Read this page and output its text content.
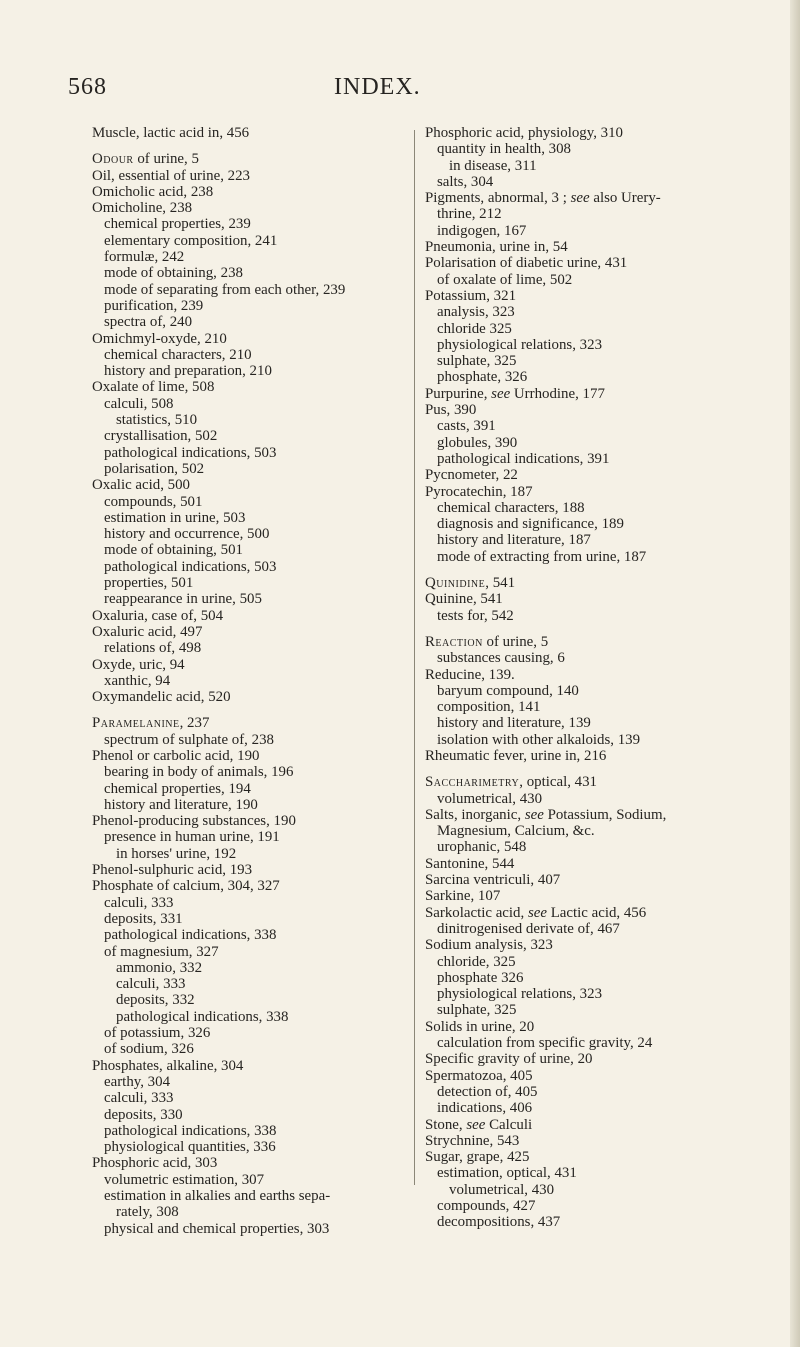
568	INDEX.
Muscle, lactic acid in, 456
Odour of urine, 5
Oil, essential of urine, 223
Omicholic acid, 238
Omicholine, 238
chemical properties, 239
elementary composition, 241
formulæ, 242
mode of obtaining, 238
mode of separating from each other, 239
purification, 239
spectra of, 240
Omichmyl-oxyde, 210
chemical characters, 210
history and preparation, 210
Oxalate of lime, 508
calculi, 508
statistics, 510
crystallisation, 502
pathological indications, 503
polarisation, 502
Oxalic acid, 500
compounds, 501
estimation in urine, 503
history and occurrence, 500
mode of obtaining, 501
pathological indications, 503
properties, 501
reappearance in urine, 505
Oxaluria, case of, 504
Oxaluric acid, 497
relations of, 498
Oxyde, uric, 94
xanthic, 94
Oxymandelic acid, 520
Paramelanine, 237
spectrum of sulphate of, 238
Phenol or carbolic acid, 190
bearing in body of animals, 196
chemical properties, 194
history and literature, 190
Phenol-producing substances, 190
presence in human urine, 191
in horses' urine, 192
Phenol-sulphuric acid, 193
Phosphate of calcium, 304, 327
calculi, 333
deposits, 331
pathological indications, 338
of magnesium, 327
ammonio, 332
calculi, 333
deposits, 332
pathological indications, 338
of potassium, 326
of sodium, 326
Phosphates, alkaline, 304
earthy, 304
calculi, 333
deposits, 330
pathological indications, 338
physiological quantities, 336
Phosphoric acid, 303
volumetric estimation, 307
estimation in alkalies and earths sepa-
rately, 308
physical and chemical properties, 303
Phosphoric acid, physiology, 310
quantity in health, 308
in disease, 311
salts, 304
Pigments, abnormal, 3 ; see also Urery-
thrine, 212
indigogen, 167
Pneumonia, urine in, 54
Polarisation of diabetic urine, 431
of oxalate of lime, 502
Potassium, 321
analysis, 323
chloride 325
physiological relations, 323
sulphate, 325
phosphate, 326
Purpurine, see Urrhodine, 177
Pus, 390
casts, 391
globules, 390
pathological indications, 391
Pycnometer, 22
Pyrocatechin, 187
chemical characters, 188
diagnosis and significance, 189
history and literature, 187
mode of extracting from urine, 187
Quinidine, 541
Quinine, 541
tests for, 542
Reaction of urine, 5
substances causing, 6
Reducine, 139.
baryum compound, 140
composition, 141
history and literature, 139
isolation with other alkaloids, 139
Rheumatic fever, urine in, 216
Saccharimetry, optical, 431
volumetrical, 430
Salts, inorganic, see Potassium, Sodium,
Magnesium, Calcium, &c.
urophanic, 548
Santonine, 544
Sarcina ventriculi, 407
Sarkine, 107
Sarkolactic acid, see Lactic acid, 456
dinitrogenised derivate of, 467
Sodium analysis, 323
chloride, 325
phosphate 326
physiological relations, 323
sulphate, 325
Solids in urine, 20
calculation from specific gravity, 24
Specific gravity of urine, 20
Spermatozoa, 405
detection of, 405
indications, 406
Stone, see Calculi
Strychnine, 543
Sugar, grape, 425
estimation, optical, 431
volumetrical, 430
compounds, 427
decompositions, 437
